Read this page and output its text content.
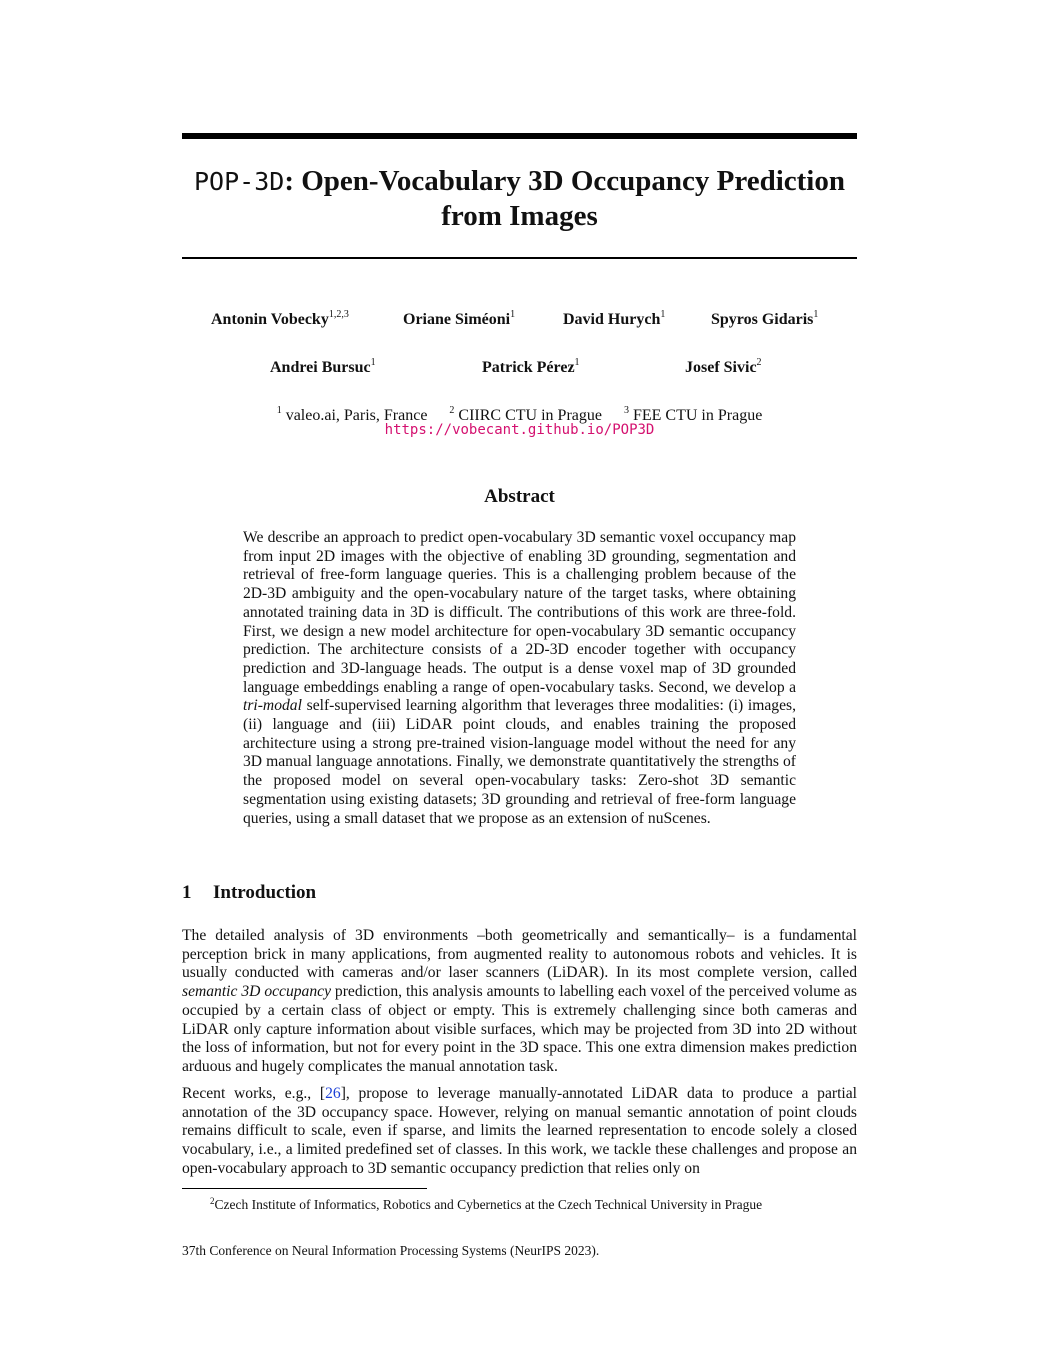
POP-3D: Open-Vocabulary 3D Occupancy Prediction
from Images
Antonin Vobecky$^{1,2,3}$	Oriane Siméoni$^1$	David Hurych$^1$	Spyros Gidaris$^1$
Andrei Bursuc$^1$	Patrick Pérez$^1$	Josef Sivic$^2$
$^1$ valeo.ai, Paris, France $^2$ CIIRC CTU in Prague $^3$ FEE CTU in Prague
https://vobecant.github.io/POP3D
Abstract

We describe an approach to predict open-vocabulary 3D semantic voxel occupancy map from input 2D images with the objective of enabling 3D grounding, segmentation and retrieval of free-form language queries. This is a challenging problem because of the 2D-3D ambiguity and the open-vocabulary nature of the target tasks, where obtaining annotated training data in 3D is difficult. The contributions of this work are three-fold. First, we design a new model architecture for open-vocabulary 3D semantic occupancy prediction. The architecture consists of a 2D-3D encoder together with occupancy prediction and 3D-language heads. The output is a dense voxel map of 3D grounded language embeddings enabling a range of open-vocabulary tasks. Second, we develop a tri-modal self-supervised learning algorithm that leverages three modalities: (i) images, (ii) language and (iii) LiDAR point clouds, and enables training the proposed architecture using a strong pre-trained vision-language model without the need for any 3D manual language annotations. Finally, we demonstrate quantitatively the strengths of the proposed model on several open-vocabulary tasks: Zero-shot 3D semantic segmentation using existing datasets; 3D grounding and retrieval of free-form language queries, using a small dataset that we propose as an extension of nuScenes.

1 Introduction

The detailed analysis of 3D environments –both geometrically and semantically– is a fundamental perception brick in many applications, from augmented reality to autonomous robots and vehicles. It is usually conducted with cameras and/or laser scanners (LiDAR). In its most complete version, called semantic 3D occupancy prediction, this analysis amounts to labelling each voxel of the perceived volume as occupied by a certain class of object or empty. This is extremely challenging since both cameras and LiDAR only capture information about visible surfaces, which may be projected from 3D into 2D without the loss of information, but not for every point in the 3D space. This one extra dimension makes prediction arduous and hugely complicates the manual annotation task.

Recent works, e.g., [26], propose to leverage manually-annotated LiDAR data to produce a partial annotation of the 3D occupancy space. However, relying on manual semantic annotation of point clouds remains difficult to scale, even if sparse, and limits the learned representation to encode solely a closed vocabulary, i.e., a limited predefined set of classes. In this work, we tackle these challenges and propose an open-vocabulary approach to 3D semantic occupancy prediction that relies only on

$^2$Czech Institute of Informatics, Robotics and Cybernetics at the Czech Technical University in Prague

37th Conference on Neural Information Processing Systems (NeurIPS 2023).
